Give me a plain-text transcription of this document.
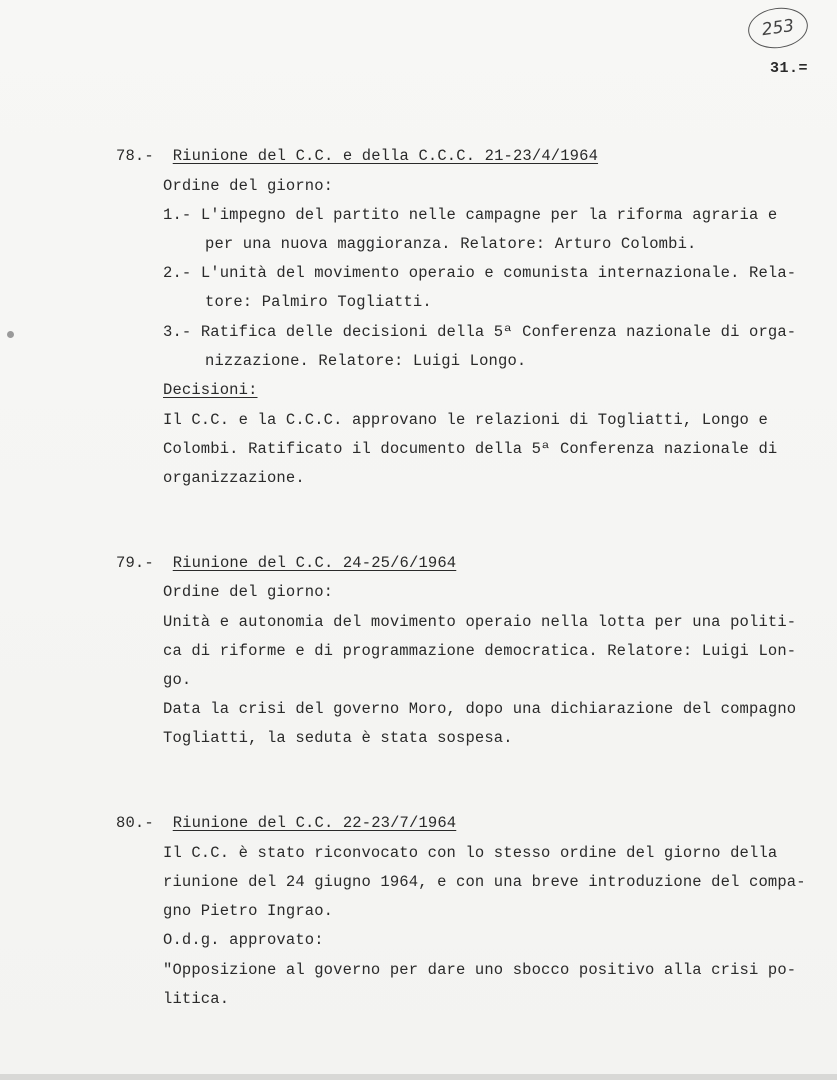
253
31.=
78.- Riunione del C.C. e della C.C.C. 21-23/4/1964
Ordine del giorno:
1.- L'impegno del partito nelle campagne per la riforma agraria e
per una nuova maggioranza. Relatore: Arturo Colombi.
2.- L'unità del movimento operaio e comunista internazionale. Rela-
tore: Palmiro Togliatti.
3.- Ratifica delle decisioni della 5ª Conferenza nazionale di orga-
nizzazione. Relatore: Luigi Longo.
Decisioni:
Il C.C. e la C.C.C. approvano le relazioni di Togliatti, Longo e
Colombi. Ratificato il documento della 5ª Conferenza nazionale di
organizzazione.
79.- Riunione del C.C. 24-25/6/1964
Ordine del giorno:
Unità e autonomia del movimento operaio nella lotta per una politi-
ca di riforme e di programmazione democratica. Relatore: Luigi Lon-
go.
Data la crisi del governo Moro, dopo una dichiarazione del compagno
Togliatti, la seduta è stata sospesa.
80.- Riunione del C.C. 22-23/7/1964
Il C.C. è stato riconvocato con lo stesso ordine del giorno della
riunione del 24 giugno 1964, e con una breve introduzione del compa-
gno Pietro Ingrao.
O.d.g. approvato:
"Opposizione al governo per dare uno sbocco positivo alla crisi po-
litica.
